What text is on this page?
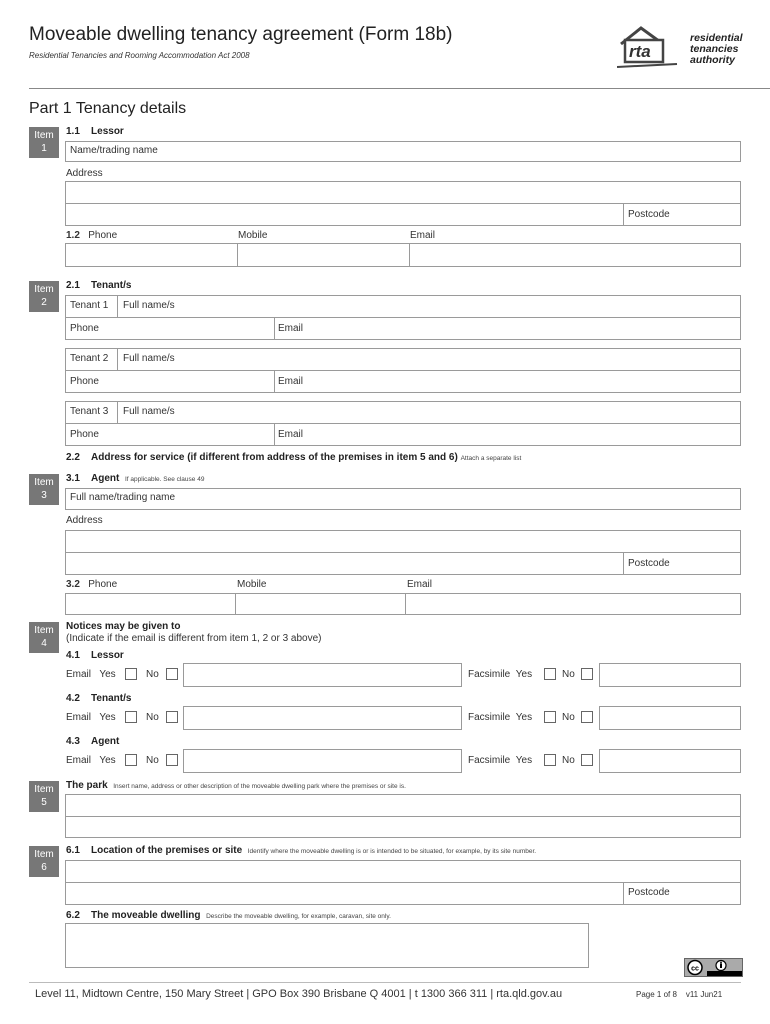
Moveable dwelling tenancy agreement (Form 18b)
Residential Tenancies and Rooming Accommodation Act 2008	rta
residential
tenancies
authority
Part 1 Tenancy details
Item
1
1.1 Lessor
Name/trading name
Address
Postcode
1.2 Phone	Mobile	Email
Item
2
2.1 Tenant/s
Tenant 1	Full name/s
Phone	Email
Tenant 2	Full name/s
Phone	Email
Tenant 3	Full name/s
Phone	Email
2.2 Address for service (if different from address of the premises in item 5 and 6) Attach a separate list
Item
3
3.1 Agent If applicable. See clause 49
Full name/trading name
Address
Postcode
3.2 Phone	Mobile	Email
Item
4
Notices may be given to
(Indicate if the email is different from item 1, 2 or 3 above)
4.1 Lessor
Email Yes	No	Facsimile Yes	No
4.2 Tenant/s
Email Yes	No	Facsimile Yes	No
4.3 Agent
Email Yes	No	Facsimile Yes	No
Item
5
The park Insert name, address or other description of the moveable dwelling park where the premises or site is.
Item
6
6.1 Location of the premises or site Identify where the moveable dwelling is or is intended to be situated, for example, by its site number.
Postcode
6.2 The moveable dwelling Describe the moveable dwelling, for example, caravan, site only.
cc
Level 11, Midtown Centre, 150 Mary Street | GPO Box 390 Brisbane Q 4001 | t 1300 366 311 | rta.qld.gov.au	Page 1 of 8 v11 Jun21
